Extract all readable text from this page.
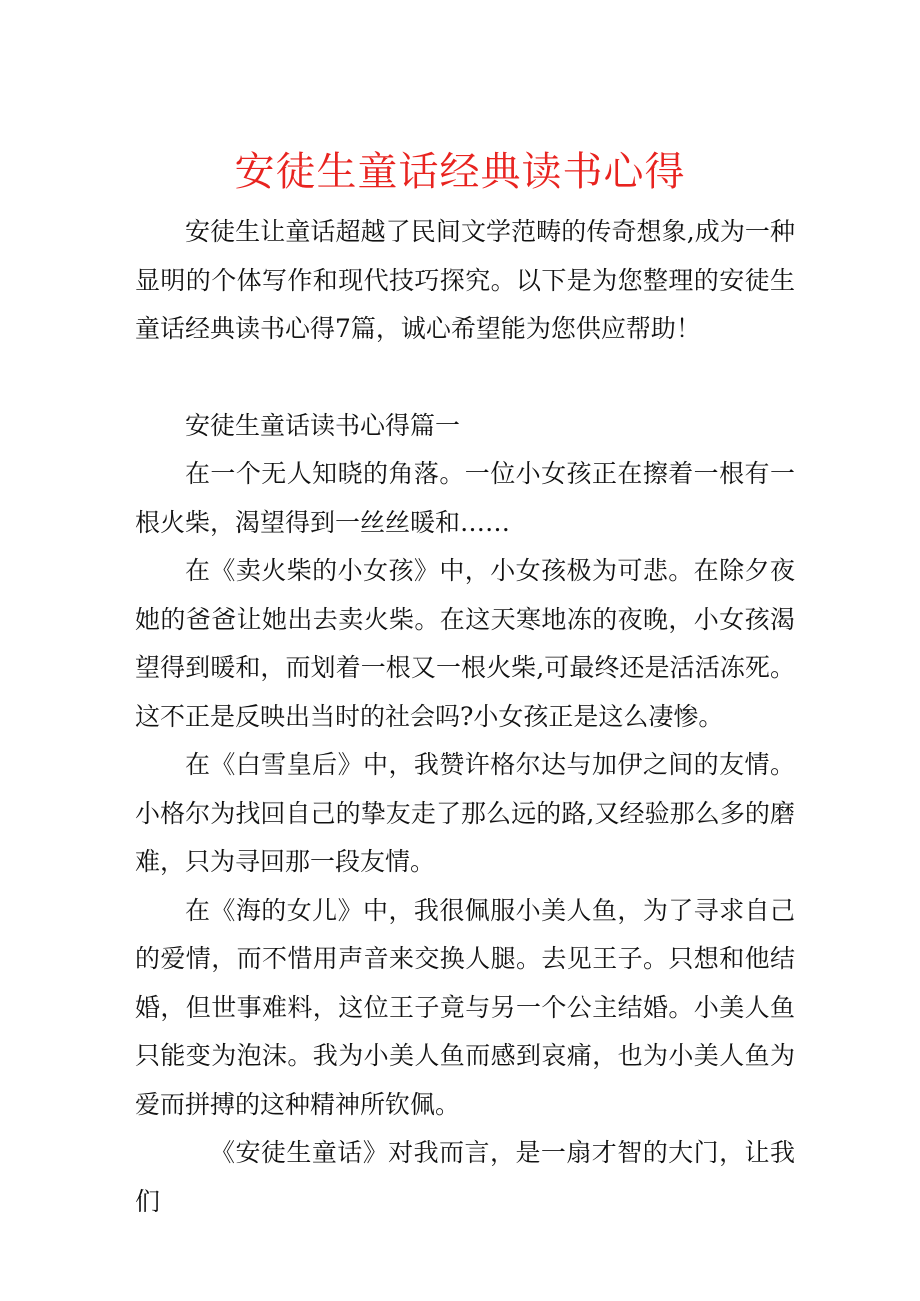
安徒生童话经典读书心得

安徒生让童话超越了民间文学范畴的传奇想象,成为一种显明的个体写作和现代技巧探究。以下是为您整理的安徒生童话经典读书心得7篇，诚心希望能为您供应帮助！

安徒生童话读书心得篇一

在一个无人知晓的角落。一位小女孩正在擦着一根有一根火柴，渴望得到一丝丝暖和……

在《卖火柴的小女孩》中，小女孩极为可悲。在除夕夜她的爸爸让她出去卖火柴。在这天寒地冻的夜晚，小女孩渴望得到暖和，而划着一根又一根火柴,可最终还是活活冻死。这不正是反映出当时的社会吗?小女孩正是这么凄惨。

在《白雪皇后》中，我赞许格尔达与加伊之间的友情。小格尔为找回自己的挚友走了那么远的路,又经验那么多的磨难，只为寻回那一段友情。

在《海的女儿》中，我很佩服小美人鱼，为了寻求自己的爱情，而不惜用声音来交换人腿。去见王子。只想和他结婚，但世事难料，这位王子竟与另一个公主结婚。小美人鱼只能变为泡沫。我为小美人鱼而感到哀痛，也为小美人鱼为爱而拼搏的这种精神所钦佩。

《安徒生童话》对我而言，是一扇才智的大门，让我们
